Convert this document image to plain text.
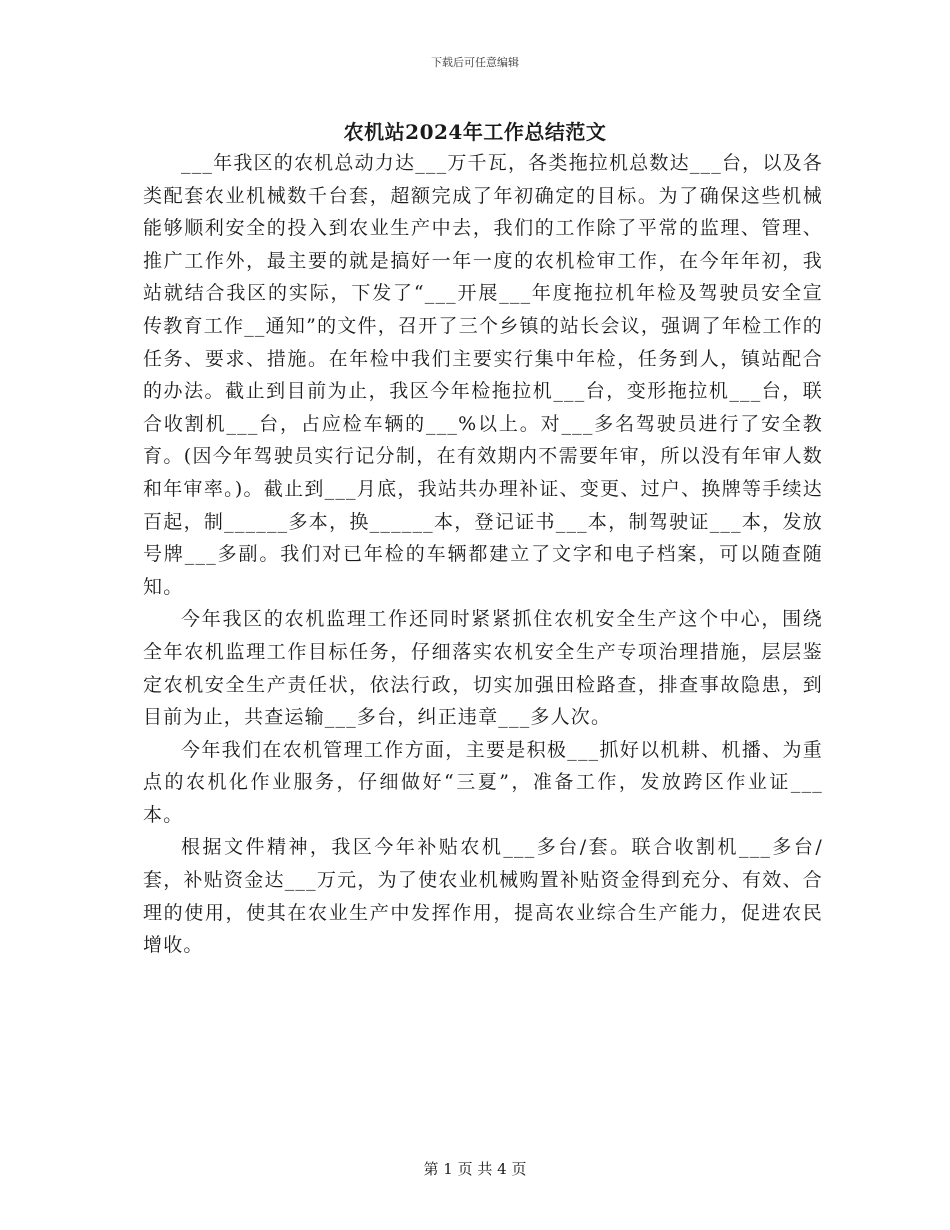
下载后可任意编辑
农机站2024年工作总结范文

___年我区的农机总动力达___万千瓦，各类拖拉机总数达___台，以及各类配套农业机械数千台套，超额完成了年初确定的目标。为了确保这些机械能够顺利安全的投入到农业生产中去，我们的工作除了平常的监理、管理、推广工作外，最主要的就是搞好一年一度的农机检审工作，在今年年初，我站就结合我区的实际，下发了“___开展___年度拖拉机年检及驾驶员安全宣传教育工作__通知”的文件，召开了三个乡镇的站长会议，强调了年检工作的任务、要求、措施。在年检中我们主要实行集中年检，任务到人，镇站配合的办法。截止到目前为止，我区今年检拖拉机___台，变形拖拉机___台，联合收割机___台，占应检车辆的___%以上。对___多名驾驶员进行了安全教育。(因今年驾驶员实行记分制，在有效期内不需要年审，所以没有年审人数和年审率。)。截止到___月底，我站共办理补证、变更、过户、换牌等手续达百起，制______多本，换______本，登记证书___本，制驾驶证___本，发放号牌___多副。我们对已年检的车辆都建立了文字和电子档案，可以随查随知。

今年我区的农机监理工作还同时紧紧抓住农机安全生产这个中心，围绕全年农机监理工作目标任务，仔细落实农机安全生产专项治理措施，层层鉴定农机安全生产责任状，依法行政，切实加强田检路查，排查事故隐患，到目前为止，共查运输___多台，纠正违章___多人次。

今年我们在农机管理工作方面，主要是积极___抓好以机耕、机播、为重点的农机化作业服务，仔细做好“三夏”，准备工作，发放跨区作业证___本。

根据文件精神，我区今年补贴农机___多台/套。联合收割机___多台/套，补贴资金达___万元，为了使农业机械购置补贴资金得到充分、有效、合理的使用，使其在农业生产中发挥作用，提高农业综合生产能力，促进农民增收。

第 1 页 共 4 页
